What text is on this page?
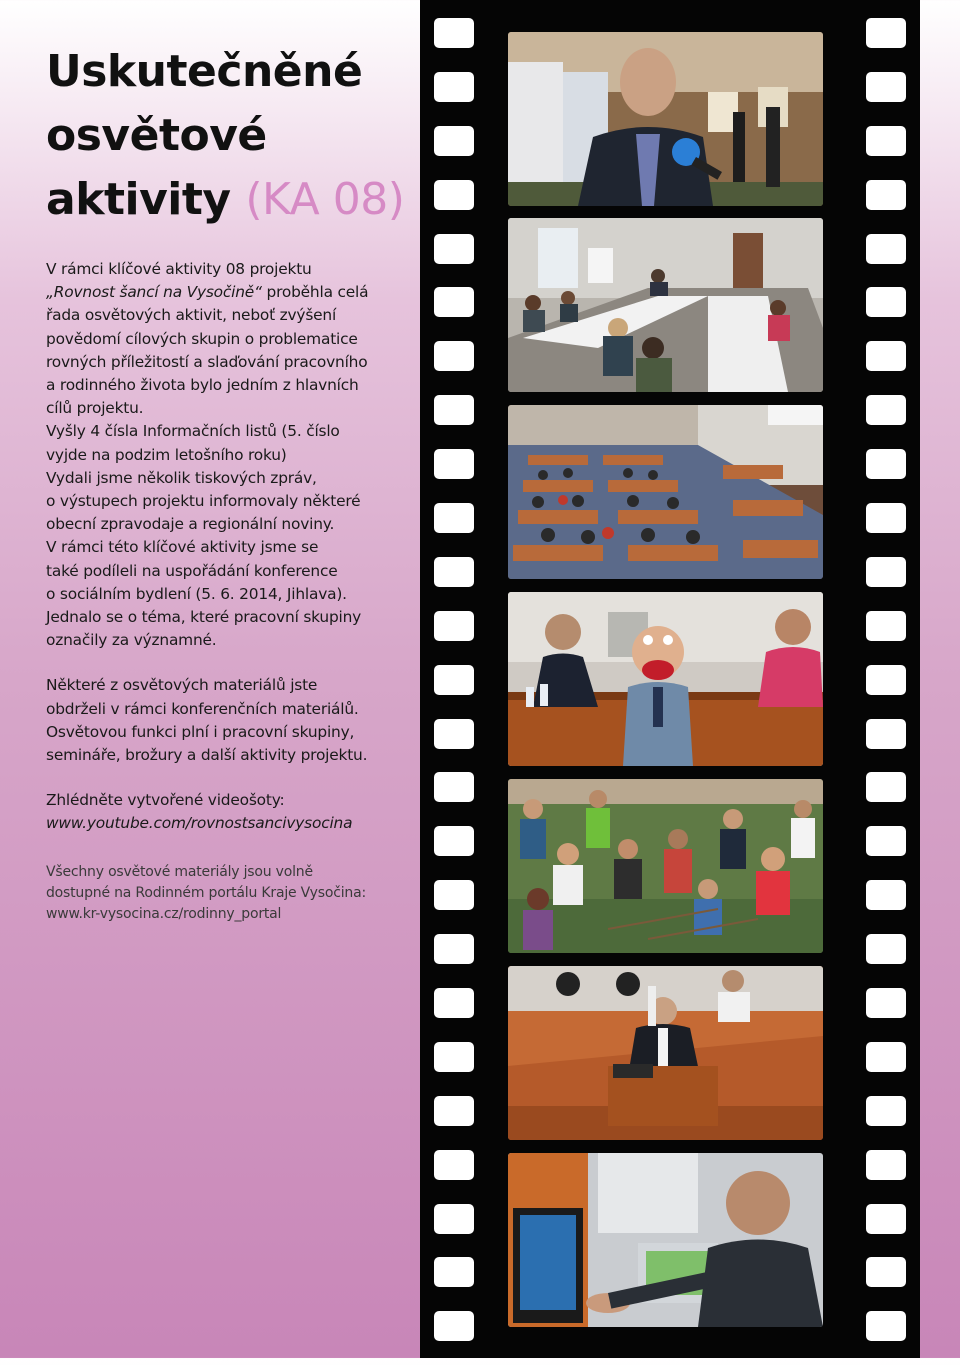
Uskutečněné
osvětové
aktivity (KA 08)

V rámci klíčové aktivity 08 projektu

„Rovnost šancí na Vysočině“ proběhla celá

řada osvětových aktivit, neboť zvýšení

povědomí cílových skupin o problematice

rovných příležitostí a slaďování pracovního

a rodinného života bylo jedním z hlavních

cílů projektu.

Vyšly 4 čísla Informačních listů (5. číslo

vyjde na podzim letošního roku)

Vydali jsme několik tiskových zpráv,

o výstupech projektu informovaly některé

obecní zpravodaje a regionální noviny.

V rámci této klíčové aktivity jsme se

také podíleli na uspořádání konference

o sociálním bydlení (5. 6. 2014, Jihlava).

Jednalo se o téma, které pracovní skupiny

označily za významné.

Některé z osvětových materiálů jste

obdrželi v rámci konferenčních materiálů.

Osvětovou funkci plní i pracovní skupiny,

semináře, brožury a další aktivity projektu.

Zhlédněte vytvořené videošoty:

www.youtube.com/rovnostsancivysocina

Všechny osvětové materiály jsou volně

dostupné na Rodinném portálu Kraje Vysočina:

www.kr-vysocina.cz/rodinny_portal
